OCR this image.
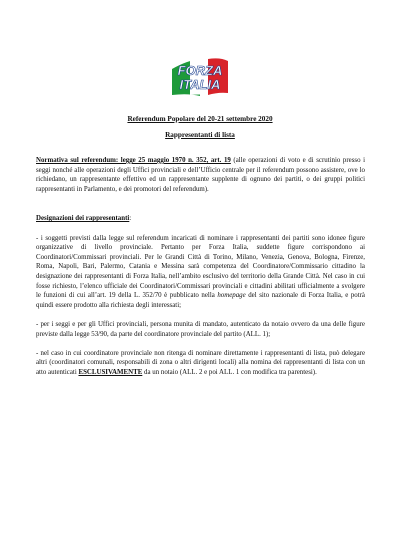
FORZA
ITALIA
Referendum Popolare del 20-21 settembre 2020
Rappresentanti di lista

Normativa sul referendum: legge 25 maggio 1970 n. 352, art. 19 (alle operazioni di voto e di scrutinio presso i seggi nonché alle operazioni degli Uffici provinciali e dell’Ufficio centrale per il referendum possono assistere, ove lo richiedano, un rappresentante effettivo ed un rappresentante supplente di ognuno dei partiti, o dei gruppi politici rappresentanti in Parlamento, e dei promotori del referendum).

Designazioni dei rappresentanti:

- i soggetti previsti dalla legge sul referendum incaricati di nominare i rappresentanti dei partiti sono idonee figure organizzative di livello provinciale. Pertanto per Forza Italia, suddette figure corrispondono ai Coordinatori/Commissari provinciali. Per le Grandi Città di Torino, Milano, Venezia, Genova, Bologna, Firenze, Roma, Napoli, Bari, Palermo, Catania e Messina sarà competenza del Coordinatore/Commissario cittadino la designazione dei rappresentanti di Forza Italia, nell’ambito esclusivo del territorio della Grande Città. Nel caso in cui fosse richiesto, l’elenco ufficiale dei Coordinatori/Commissari provinciali e cittadini abilitati ufficialmente a svolgere le funzioni di cui all’art. 19 della L. 352/70 è pubblicato nella homepage del sito nazionale di Forza Italia, e potrà quindi essere prodotto alla richiesta degli interessati;

- per i seggi e per gli Uffici provinciali, persona munita di mandato, autenticato da notaio ovvero da una delle figure previste dalla legge 53/90, da parte del coordinatore provinciale del partito (ALL. 1);

- nel caso in cui coordinatore provinciale non ritenga di nominare direttamente i rappresentanti di lista, può delegare altri (coordinatori comunali, responsabili di zona o altri dirigenti locali) alla nomina dei rappresentanti di lista con un atto autenticati ESCLUSIVAMENTE da un notaio (ALL. 2 e poi ALL. 1 con modifica tra parentesi).
